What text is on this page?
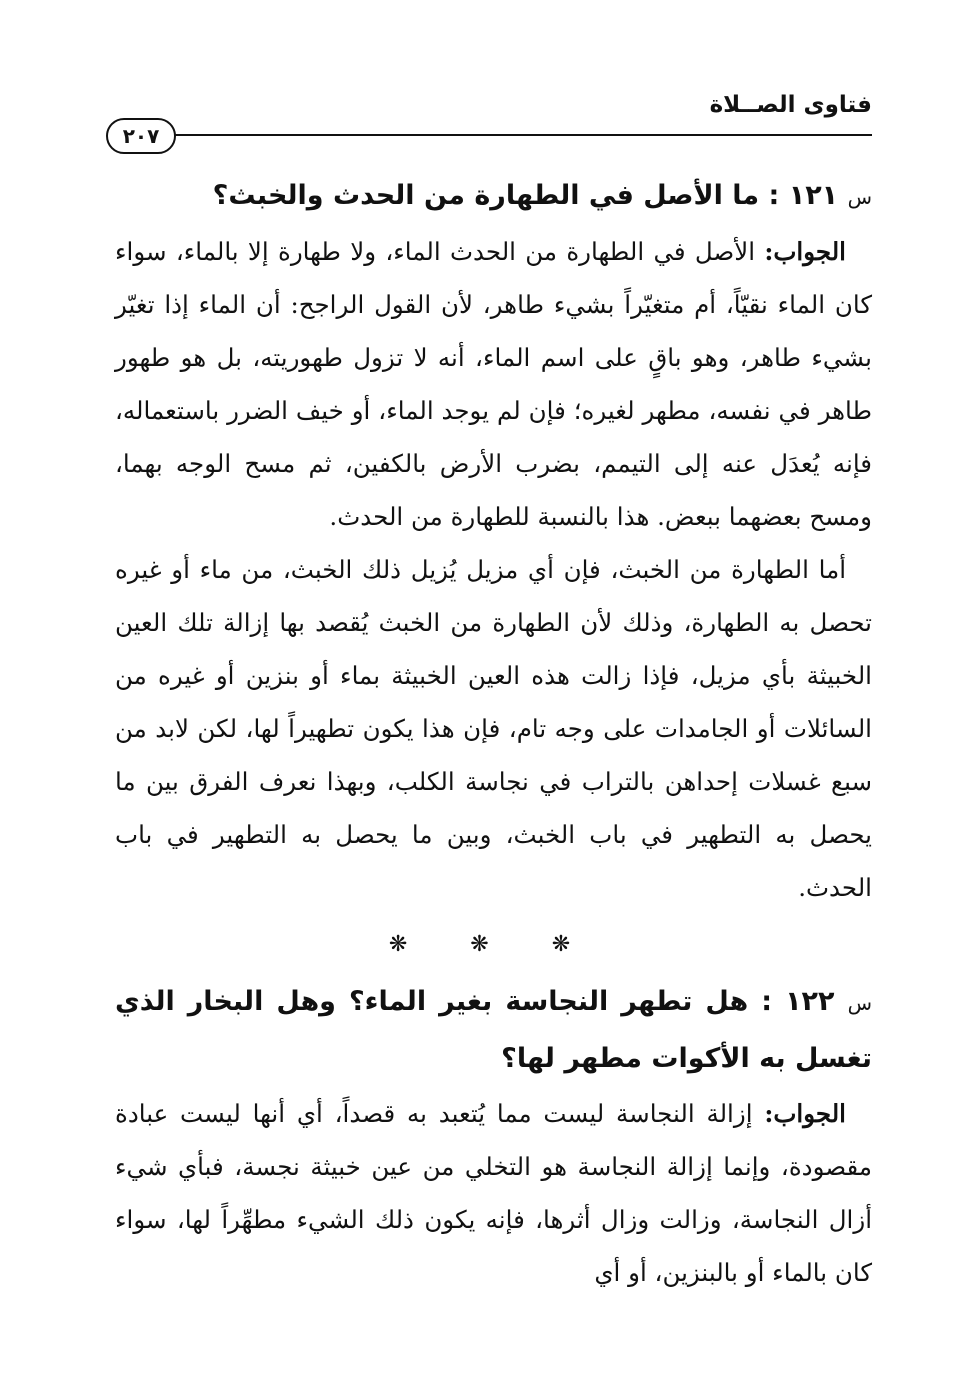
فتاوى الصــلاة
٢٠٧

س ١٢١ : ما الأصل في الطهارة من الحدث والخبث؟

الجواب: الأصل في الطهارة من الحدث الماء، ولا طهارة إلا بالماء، سواء كان الماء نقيّاً، أم متغيّراً بشيء طاهر، لأن القول الراجح: أن الماء إذا تغيّر بشيء طاهر، وهو باقٍ على اسم الماء، أنه لا تزول طهوريته، بل هو طهور طاهر في نفسه، مطهر لغيره؛ فإن لم يوجد الماء، أو خيف الضرر باستعماله، فإنه يُعدَل عنه إلى التيمم، بضرب الأرض بالكفين، ثم مسح الوجه بهما، ومسح بعضهما ببعض. هذا بالنسبة للطهارة من الحدث.

أما الطهارة من الخبث، فإن أي مزيل يُزيل ذلك الخبث، من ماء أو غيره تحصل به الطهارة، وذلك لأن الطهارة من الخبث يُقصد بها إزالة تلك العين الخبيثة بأي مزيل، فإذا زالت هذه العين الخبيثة بماء أو بنزين أو غيره من السائلات أو الجامدات على وجه تام، فإن هذا يكون تطهيراً لها، لكن لابد من سبع غسلات إحداهن بالتراب في نجاسة الكلب، وبهذا نعرف الفرق بين ما يحصل به التطهير في باب الخبث، وبين ما يحصل به التطهير في باب الحدث.

❋ ❋ ❋

س ١٢٢ : هل تطهر النجاسة بغير الماء؟ وهل البخار الذي تغسل به الأكوات مطهر لها؟

الجواب: إزالة النجاسة ليست مما يُتعبد به قصداً، أي أنها ليست عبادة مقصودة، وإنما إزالة النجاسة هو التخلي من عين خبيثة نجسة، فبأي شيء أزال النجاسة، وزالت وزال أثرها، فإنه يكون ذلك الشيء مطهِّراً لها، سواء كان بالماء أو بالبنزين، أو أي
